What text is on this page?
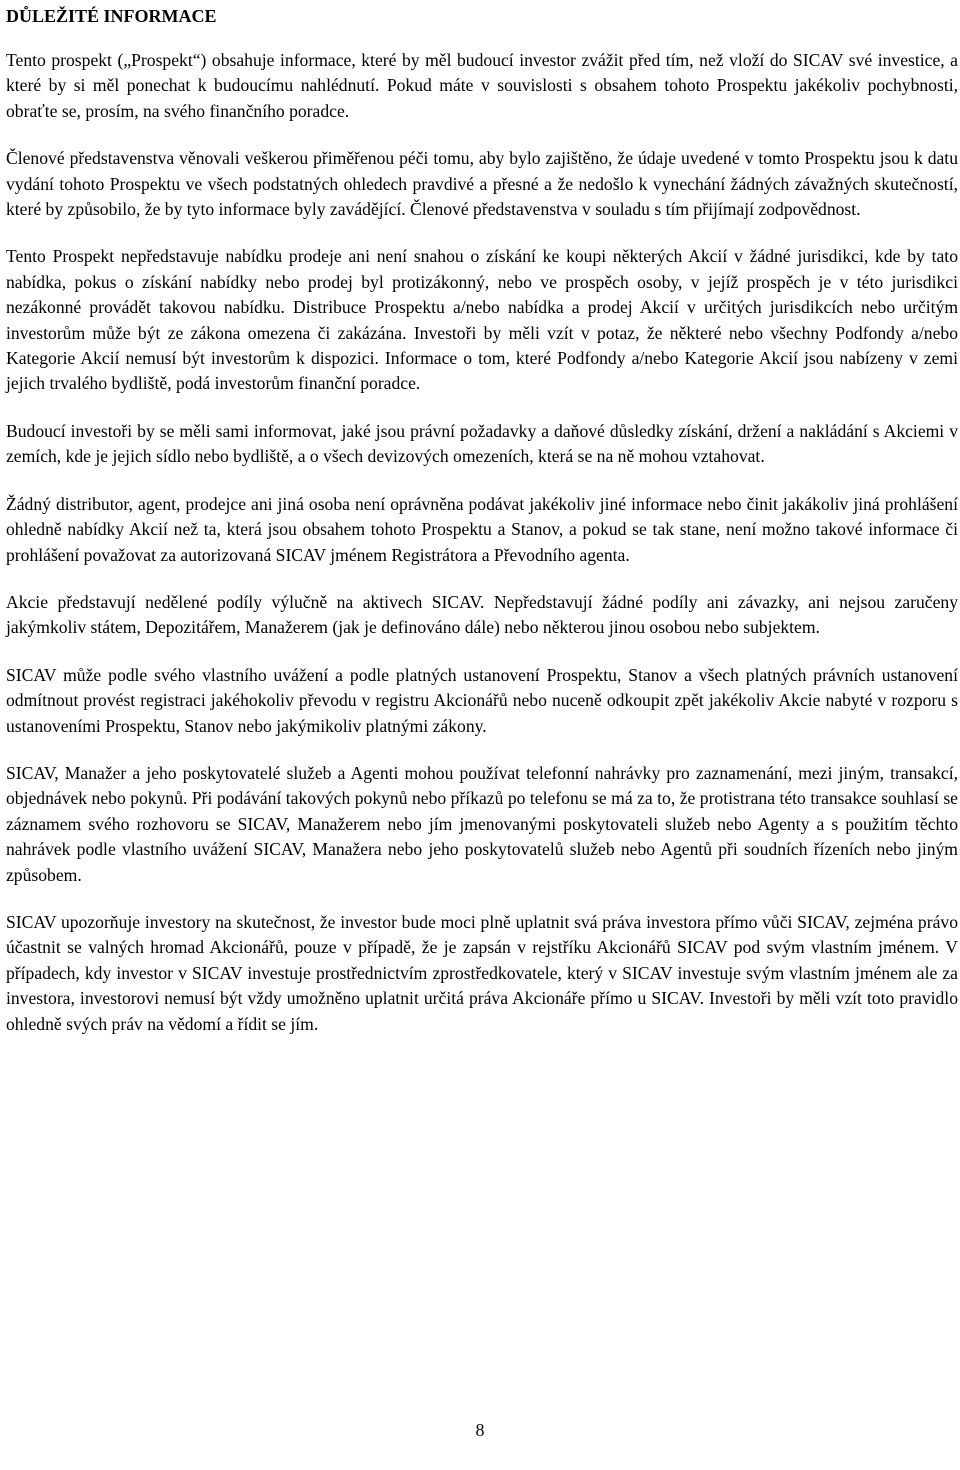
DŮLEŽITÉ INFORMACE

Tento prospekt („Prospekt“) obsahuje informace, které by měl budoucí investor zvážit před tím, než vloží do SICAV své investice, a které by si měl ponechat k budoucímu nahlédnutí. Pokud máte v souvislosti s obsahem tohoto Prospektu jakékoliv pochybnosti, obraťte se, prosím, na svého finančního poradce.

Členové představenstva věnovali veškerou přiměřenou péči tomu, aby bylo zajištěno, že údaje uvedené v tomto Prospektu jsou k datu vydání tohoto Prospektu ve všech podstatných ohledech pravdivé a přesné a že nedošlo k vynechání žádných závažných skutečností, které by způsobilo, že by tyto informace byly zavádějící. Členové představenstva v souladu s tím přijímají zodpovědnost.

Tento Prospekt nepředstavuje nabídku prodeje ani není snahou o získání ke koupi některých Akcií v žádné jurisdikci, kde by tato nabídka, pokus o získání nabídky nebo prodej byl protizákonný, nebo ve prospěch osoby, v jejíž prospěch je v této jurisdikci nezákonné provádět takovou nabídku. Distribuce Prospektu a/nebo nabídka a prodej Akcií v určitých jurisdikcích nebo určitým investorům může být ze zákona omezena či zakázána. Investoři by měli vzít v potaz, že některé nebo všechny Podfondy a/nebo Kategorie Akcií nemusí být investorům k dispozici. Informace o tom, které Podfondy a/nebo Kategorie Akcií jsou nabízeny v zemi jejich trvalého bydliště, podá investorům finanční poradce.

Budoucí investoři by se měli sami informovat, jaké jsou právní požadavky a daňové důsledky získání, držení a nakládání s Akciemi v zemích, kde je jejich sídlo nebo bydliště, a o všech devizových omezeních, která se na ně mohou vztahovat.

Žádný distributor, agent, prodejce ani jiná osoba není oprávněna podávat jakékoliv jiné informace nebo činit jakákoliv jiná prohlášení ohledně nabídky Akcií než ta, která jsou obsahem tohoto Prospektu a Stanov, a pokud se tak stane, není možno takové informace či prohlášení považovat za autorizovaná SICAV jménem Registrátora a Převodního agenta.

Akcie představují nedělené podíly výlučně na aktivech SICAV. Nepředstavují žádné podíly ani závazky, ani nejsou zaručeny jakýmkoliv státem, Depozitářem, Manažerem (jak je definováno dále) nebo některou jinou osobou nebo subjektem.

SICAV může podle svého vlastního uvážení a podle platných ustanovení Prospektu, Stanov a všech platných právních ustanovení odmítnout provést registraci jakéhokoliv převodu v registru Akcionářů nebo nuceně odkoupit zpět jakékoliv Akcie nabyté v rozporu s ustanoveními Prospektu, Stanov nebo jakýmikoliv platnými zákony.

SICAV, Manažer a jeho poskytovatelé služeb a Agenti mohou používat telefonní nahrávky pro zaznamenání, mezi jiným, transakcí, objednávek nebo pokynů. Při podávání takových pokynů nebo příkazů po telefonu se má za to, že protistrana této transakce souhlasí se záznamem svého rozhovoru se SICAV, Manažerem nebo jím jmenovanými poskytovateli služeb nebo Agenty a s použitím těchto nahrávek podle vlastního uvážení SICAV, Manažera nebo jeho poskytovatelů služeb nebo Agentů při soudních řízeních nebo jiným způsobem.

SICAV upozorňuje investory na skutečnost, že investor bude moci plně uplatnit svá práva investora přímo vůči SICAV, zejména právo účastnit se valných hromad Akcionářů, pouze v případě, že je zapsán v rejstříku Akcionářů SICAV pod svým vlastním jménem. V případech, kdy investor v SICAV investuje prostřednictvím zprostředkovatele, který v SICAV investuje svým vlastním jménem ale za investora, investorovi nemusí být vždy umožněno uplatnit určitá práva Akcionáře přímo u SICAV. Investoři by měli vzít toto pravidlo ohledně svých práv na vědomí a řídit se jím.

8
